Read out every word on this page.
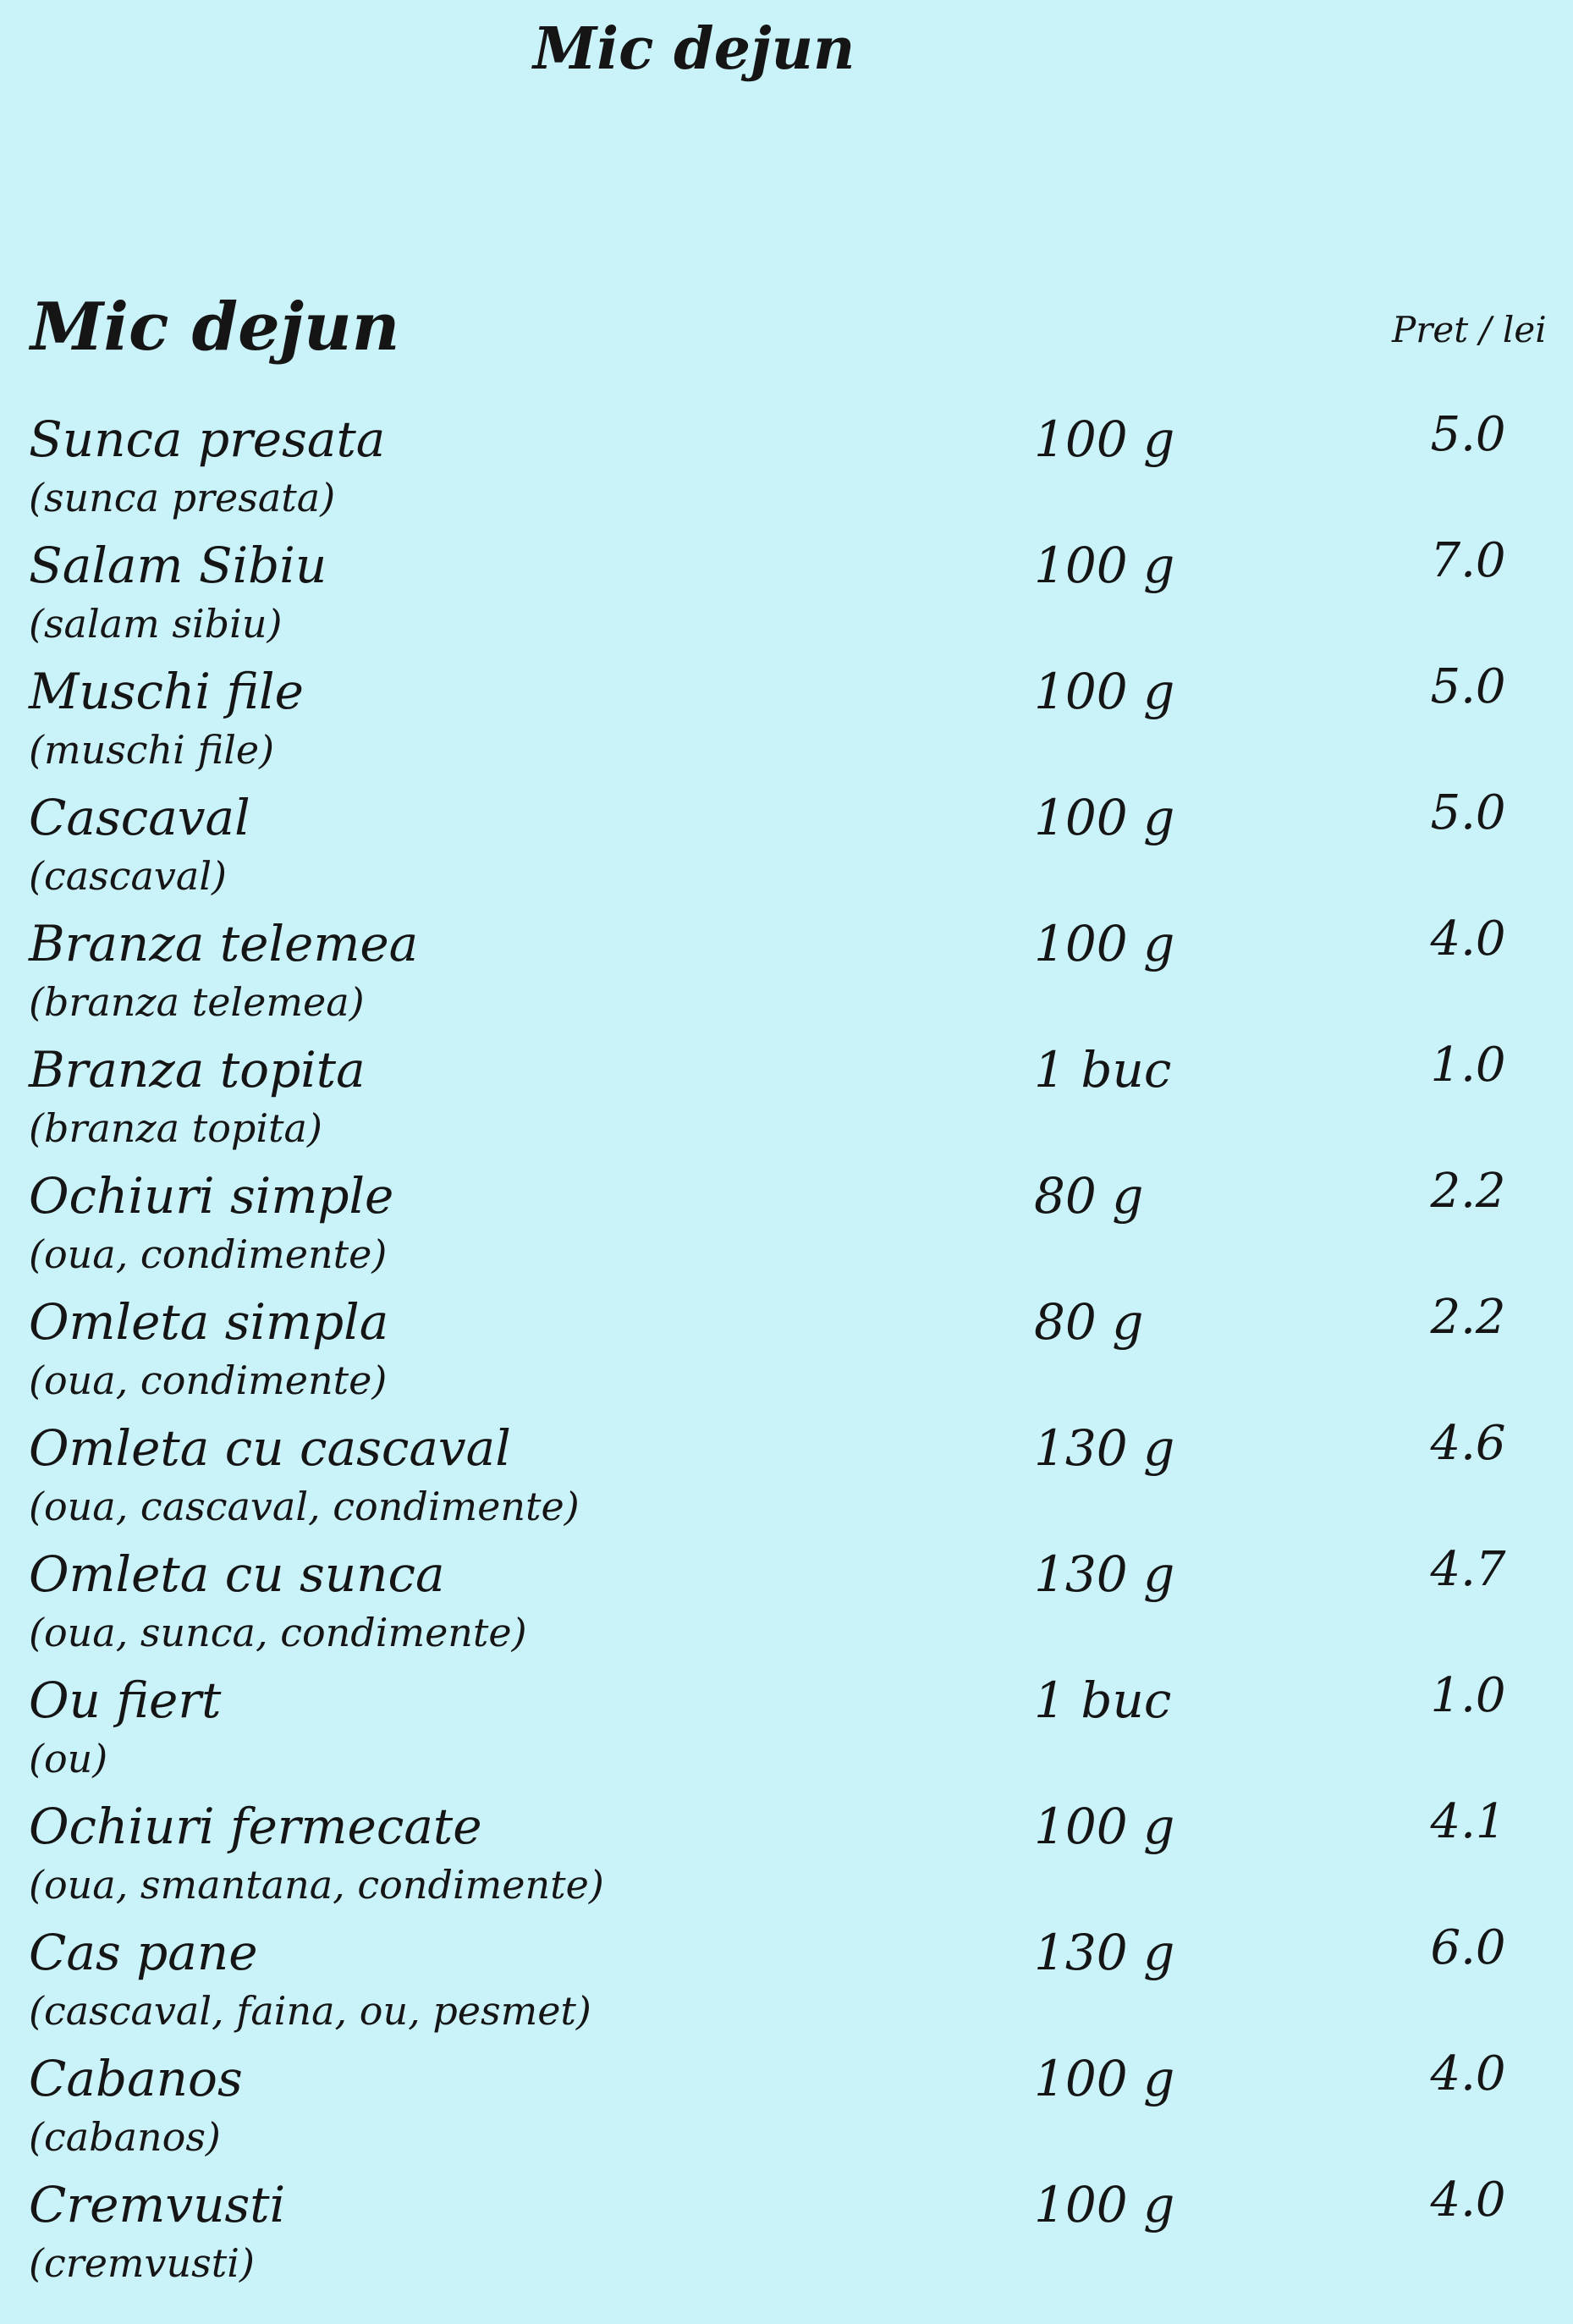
Mic dejun
Mic dejun	Pret / lei
Sunca presata
(sunca presata)
100 g	5.0
Salam Sibiu
(salam sibiu)
100 g	7.0
Muschi file
(muschi file)
100 g	5.0
Cascaval
(cascaval)
100 g	5.0
Branza telemea
(branza telemea)
100 g	4.0
Branza topita
(branza topita)
1 buc	1.0
Ochiuri simple
(oua, condimente)
80 g	2.2
Omleta simpla
(oua, condimente)
80 g	2.2
Omleta cu cascaval
(oua, cascaval, condimente)
130 g	4.6
Omleta cu sunca
(oua, sunca, condimente)
130 g	4.7
Ou fiert
(ou)
1 buc	1.0
Ochiuri fermecate
(oua, smantana, condimente)
100 g	4.1
Cas pane
(cascaval, faina, ou, pesmet)
130 g	6.0
Cabanos
(cabanos)
100 g	4.0
Cremvusti
(cremvusti)
100 g	4.0
